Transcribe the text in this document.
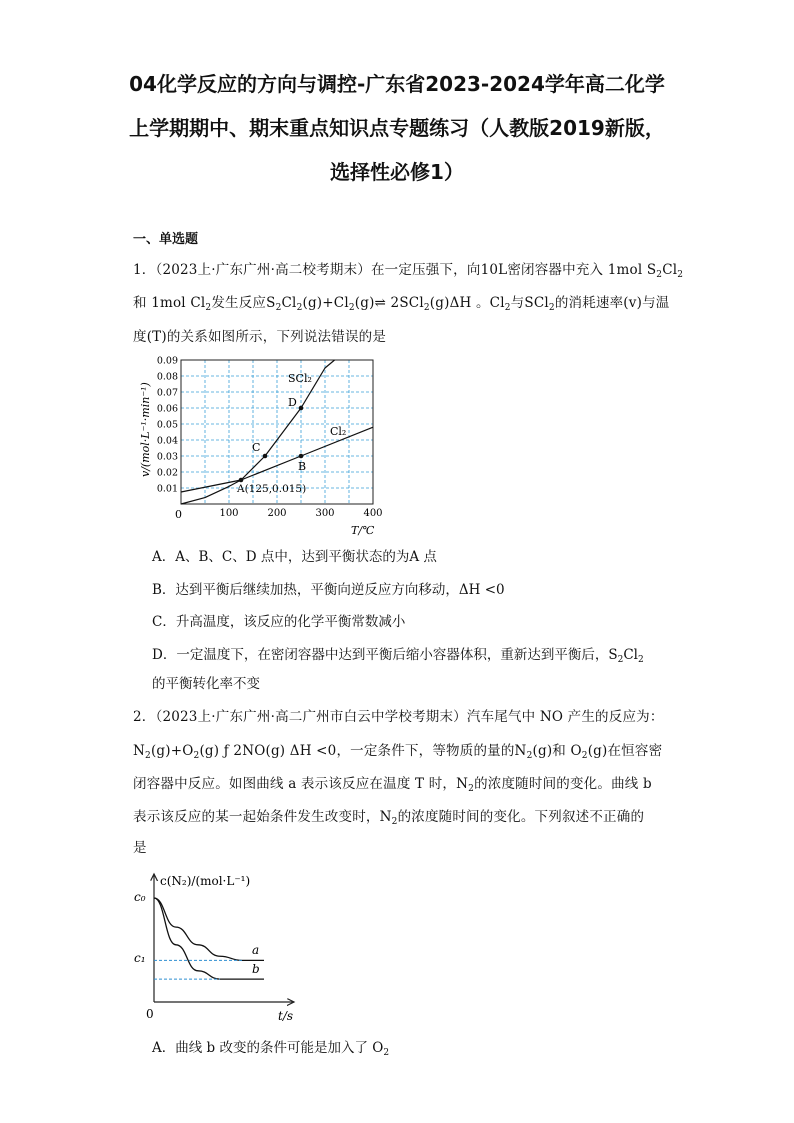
04化学反应的方向与调控-广东省2023-2024学年高二化学
上学期期中、期末重点知识点专题练习（人教版2019新版，
选择性必修1）
一、单选题
1．（2023上·广东广州·高二校考期末）在一定压强下，向10L密闭容器中充入 1mol $S_2Cl_2$
和 1mol $Cl_2$发生反应$S_2Cl_2(g)+Cl_2(g)\rightleftharpoons$ 2SCl$_2$(g)ΔH 。$Cl_2$与SCl$_2$的消耗速率(v)与温
度(T)的关系如图所示，下列说法错误的是
0.09
0.08
0.07
0.06
0.05
0.04
0.03
0.02
0.01
100	200	300	400
v/(mol·L⁻¹·min⁻¹)
T/℃
0
SCl₂
Cl₂
A(125,0.015)
B
C
D
A．A、B、C、D 点中，达到平衡状态的为A 点
B．达到平衡后继续加热，平衡向逆反应方向移动，ΔH <0
C．升高温度，该反应的化学平衡常数减小
D．一定温度下，在密闭容器中达到平衡后缩小容器体积，重新达到平衡后，$S_2Cl_2$
的平衡转化率不变
2．（2023上·广东广州·高二广州市白云中学校考期末）汽车尾气中 NO 产生的反应为：
$N_2(g)+O_2(g)$ ƒ 2NO(g) ΔH <0，一定条件下，等物质的量的$N_2(g)$和 $O_2(g)$在恒容密
闭容器中反应。如图曲线 a 表示该反应在温度 T 时，$N_2$的浓度随时间的变化。曲线 b
表示该反应的某一起始条件发生改变时，$N_2$的浓度随时间的变化。下列叙述不正确的
是
c(N₂)/(mol·L⁻¹)
c₀
c₁
0	t/s
a
b
A．曲线 b 改变的条件可能是加入了 $O_2$
